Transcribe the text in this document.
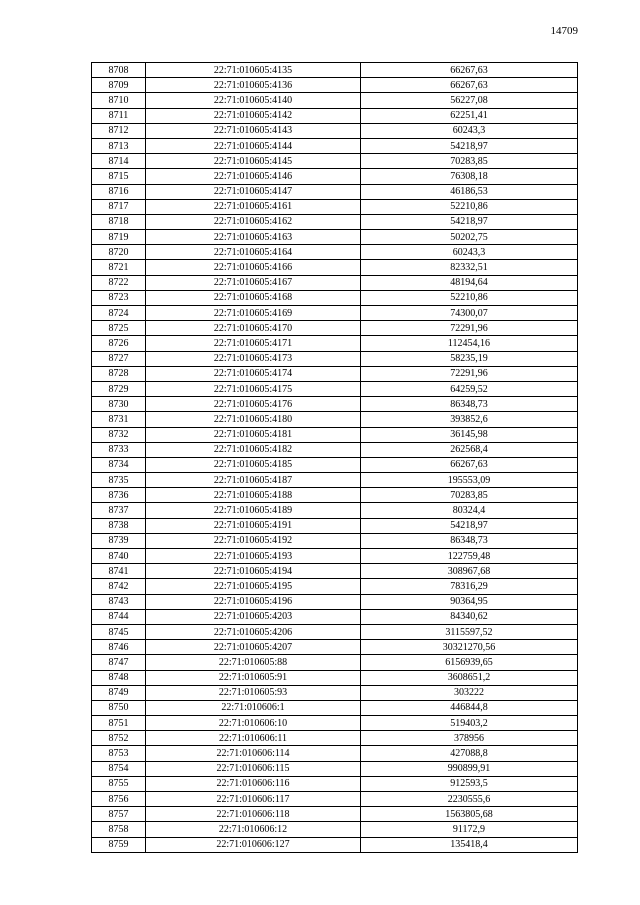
14709
8708	22:71:010605:4135	66267,63
8709	22:71:010605:4136	66267,63
8710	22:71:010605:4140	56227,08
8711	22:71:010605:4142	62251,41
8712	22:71:010605:4143	60243,3
8713	22:71:010605:4144	54218,97
8714	22:71:010605:4145	70283,85
8715	22:71:010605:4146	76308,18
8716	22:71:010605:4147	46186,53
8717	22:71:010605:4161	52210,86
8718	22:71:010605:4162	54218,97
8719	22:71:010605:4163	50202,75
8720	22:71:010605:4164	60243,3
8721	22:71:010605:4166	82332,51
8722	22:71:010605:4167	48194,64
8723	22:71:010605:4168	52210,86
8724	22:71:010605:4169	74300,07
8725	22:71:010605:4170	72291,96
8726	22:71:010605:4171	112454,16
8727	22:71:010605:4173	58235,19
8728	22:71:010605:4174	72291,96
8729	22:71:010605:4175	64259,52
8730	22:71:010605:4176	86348,73
8731	22:71:010605:4180	393852,6
8732	22:71:010605:4181	36145,98
8733	22:71:010605:4182	262568,4
8734	22:71:010605:4185	66267,63
8735	22:71:010605:4187	195553,09
8736	22:71:010605:4188	70283,85
8737	22:71:010605:4189	80324,4
8738	22:71:010605:4191	54218,97
8739	22:71:010605:4192	86348,73
8740	22:71:010605:4193	122759,48
8741	22:71:010605:4194	308967,68
8742	22:71:010605:4195	78316,29
8743	22:71:010605:4196	90364,95
8744	22:71:010605:4203	84340,62
8745	22:71:010605:4206	3115597,52
8746	22:71:010605:4207	30321270,56
8747	22:71:010605:88	6156939,65
8748	22:71:010605:91	3608651,2
8749	22:71:010605:93	303222
8750	22:71:010606:1	446844,8
8751	22:71:010606:10	519403,2
8752	22:71:010606:11	378956
8753	22:71:010606:114	427088,8
8754	22:71:010606:115	990899,91
8755	22:71:010606:116	912593,5
8756	22:71:010606:117	2230555,6
8757	22:71:010606:118	1563805,68
8758	22:71:010606:12	91172,9
8759	22:71:010606:127	135418,4
